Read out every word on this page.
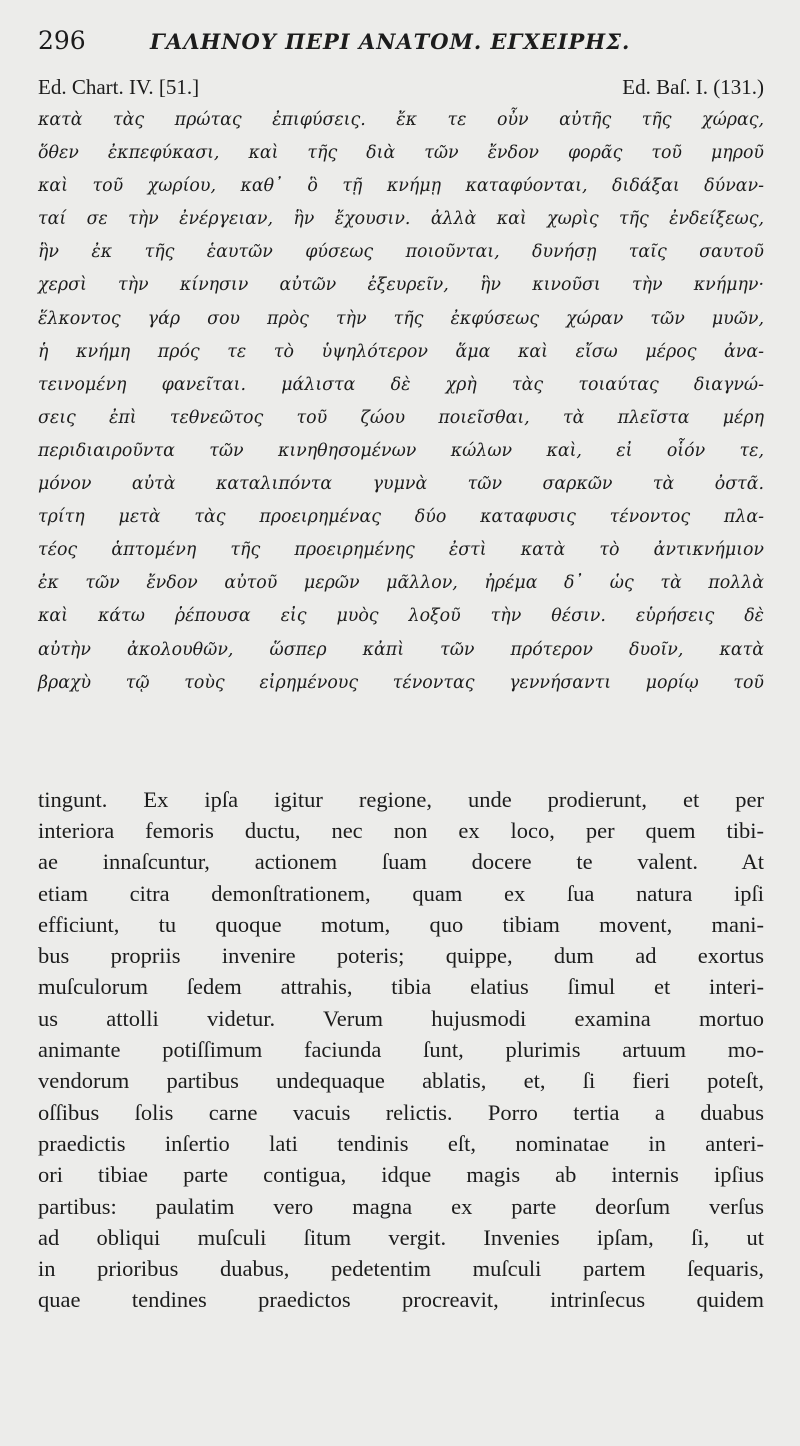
296	ΓΑΛΗΝΟΥ ΠΕΡΙ ΑΝΑΤΟΜ. ΕΓΧΕΙΡΗΣ.
Ed. Chart. IV. [51.]	Ed. Baſ. I. (131.)
κατὰ τὰς πρώτας ἐπιφύσεις. ἔκ τε οὖν αὐτῆς τῆς χώρας,
ὅθεν ἐκπεφύκασι, καὶ τῆς διὰ τῶν ἔνδον φορᾶς τοῦ μηροῦ
καὶ τοῦ χωρίου, καθ᾽ ὃ τῇ κνήμῃ καταφύονται, διδάξαι δύναν-
ταί σε τὴν ἐνέργειαν, ἣν ἔχουσιν. ἀλλὰ καὶ χωρὶς τῆς ἐνδείξεως,
ἣν ἐκ τῆς ἑαυτῶν φύσεως ποιοῦνται, δυνήσῃ ταῖς σαυτοῦ
χερσὶ τὴν κίνησιν αὐτῶν ἐξευρεῖν, ἣν κινοῦσι τὴν κνήμην·
ἕλκοντος γάρ σου πρὸς τὴν τῆς ἐκφύσεως χώραν τῶν μυῶν,
ἡ κνήμη πρός τε τὸ ὑψηλότερον ἅμα καὶ εἴσω μέρος ἀνα-
τεινομένη φανεῖται. μάλιστα δὲ χρὴ τὰς τοιαύτας διαγνώ-
σεις ἐπὶ τεθνεῶτος τοῦ ζώου ποιεῖσθαι, τὰ πλεῖστα μέρη
περιδιαιροῦντα τῶν κινηθησομένων κώλων καὶ, εἰ οἷόν τε,
μόνον αὐτὰ καταλιπόντα γυμνὰ τῶν σαρκῶν τὰ ὀστᾶ.
τρίτη μετὰ τὰς προειρημένας δύο καταφυσις τένοντος πλα-
τέος ἁπτομένη τῆς προειρημένης ἐστὶ κατὰ τὸ ἀντικνήμιον
ἐκ τῶν ἔνδον αὐτοῦ μερῶν μᾶλλον, ἠρέμα δ᾽ ὡς τὰ πολλὰ
καὶ κάτω ῥέπουσα εἰς μυὸς λοξοῦ τὴν θέσιν. εὑρήσεις δὲ
αὐτὴν ἀκολουθῶν, ὥσπερ κἀπὶ τῶν πρότερον δυοῖν, κατὰ
βραχὺ τῷ τοὺς εἰρημένους τένοντας γεννήσαντι μορίῳ τοῦ
tingunt. Ex ipſa igitur regione, unde prodierunt, et per
interiora femoris ductu, nec non ex loco, per quem tibi-
ae innaſcuntur, actionem ſuam docere te valent. At
etiam citra demonſtrationem, quam ex ſua natura ipſi
efficiunt, tu quoque motum, quo tibiam movent, mani-
bus propriis invenire poteris; quippe, dum ad exortus
muſculorum ſedem attrahis, tibia elatius ſimul et interi-
us attolli videtur. Verum hujusmodi examina mortuo
animante potiſſimum faciunda ſunt, plurimis artuum mo-
vendorum partibus undequaque ablatis, et, ſi fieri poteſt,
oſſibus ſolis carne vacuis relictis. Porro tertia a duabus
praedictis inſertio lati tendinis eſt, nominatae in anteri-
ori tibiae parte contigua, idque magis ab internis ipſius
partibus: paulatim vero magna ex parte deorſum verſus
ad obliqui muſculi ſitum vergit. Invenies ipſam, ſi, ut
in prioribus duabus, pedetentim muſculi partem ſequaris,
quae tendines praedictos procreavit, intrinſecus quidem
